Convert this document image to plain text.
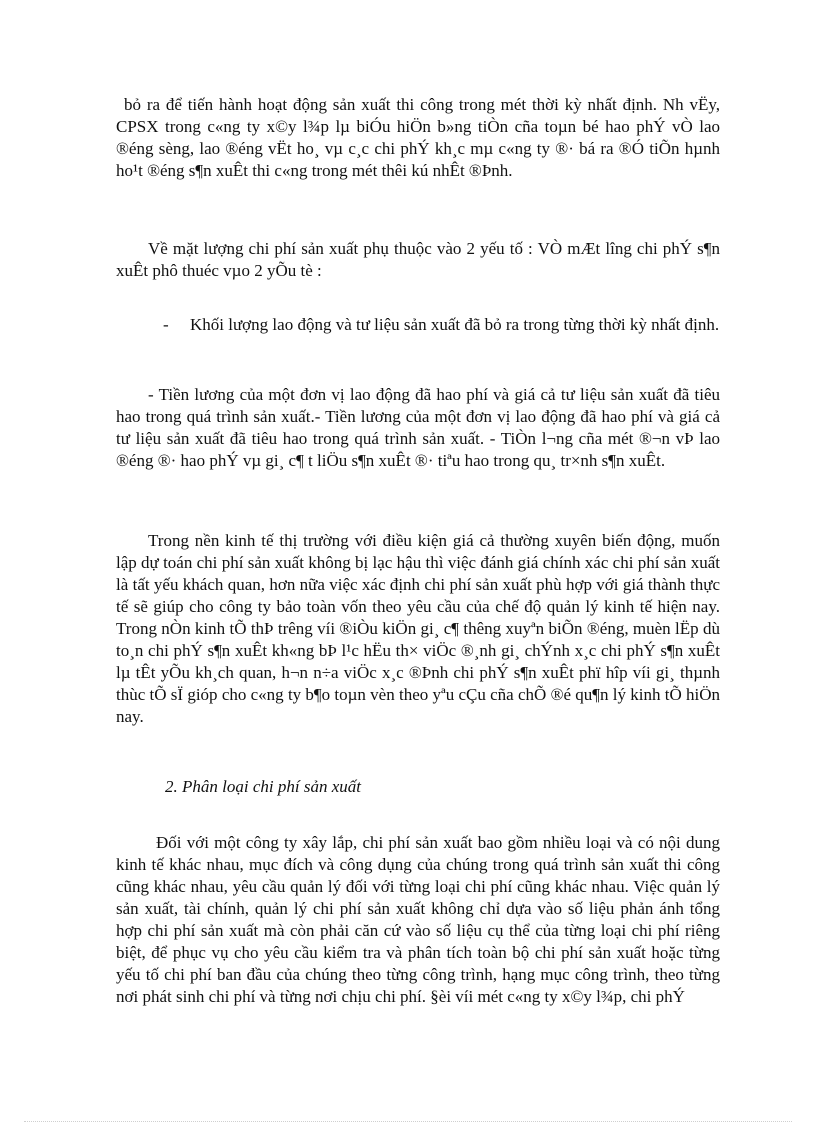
bỏ ra để tiến hành hoạt động sản xuất thi công trong mét thời kỳ nhất định. Nh vËy, CPSX trong c«ng ty x©y l¾p lµ biÓu hiÖn b»ng tiÒn cña toµn bé hao phÝ vÒ lao ®éng sèng, lao ®éng vËt ho¸ vµ c¸c chi phÝ kh¸c mµ c«ng ty ®· bá ra ®Ó tiÕn hµnh ho¹t ®éng s¶n xuÊt thi c«ng trong mét thêi kú nhÊt ®Þnh.
Về mặt lượng chi phí sản xuất phụ thuộc vào 2 yếu tố : VÒ mÆt lîng chi phÝ s¶n xuÊt phô thuéc vµo 2 yÕu tè :
-	Khối lượng lao động và tư liệu sản xuất đã bỏ ra trong từng thời kỳ nhất định.
- Tiền lương của một đơn vị lao động đã hao phí và giá cả tư liệu sản xuất đã tiêu hao trong quá trình sản xuất.- Tiền lương của một đơn vị lao động đã hao phí và giá cả tư liệu sản xuất đã tiêu hao trong quá trình sản xuất. - TiÒn l¬ng cña mét ®¬n vÞ lao ®éng ®· hao phÝ vµ gi¸ c¶ t liÖu s¶n xuÊt ®· tiªu hao trong qu¸ tr×nh s¶n xuÊt.
Trong nền kinh tế thị trường với điều kiện giá cả thường xuyên biến động, muốn lập dự toán chi phí sản xuất không bị lạc hậu thì việc đánh giá chính xác chi phí sản xuất là tất yếu khách quan, hơn nữa việc xác định chi phí sản xuất phù hợp với giá thành thực tế sẽ giúp cho công ty bảo toàn vốn theo yêu cầu của chế độ quản lý kinh tế hiện nay. Trong nÒn kinh tÕ thÞ trêng víi ®iÒu kiÖn gi¸ c¶ thêng xuyªn biÕn ®éng, muèn lËp dù to¸n chi phÝ s¶n xuÊt kh«ng bÞ l¹c hËu th× viÖc ®¸nh gi¸ chÝnh x¸c chi phÝ s¶n xuÊt lµ tÊt yÕu kh¸ch quan, h¬n n÷a viÖc x¸c ®Þnh chi phÝ s¶n xuÊt phï hîp víi gi¸ thµnh thùc tÕ sÏ gióp cho c«ng ty b¶o toµn vèn theo yªu cÇu cña chÕ ®é qu¶n lý kinh tÕ hiÖn nay.
2. Phân loại chi phí sản xuất
Đối với một công ty xây lắp, chi phí sản xuất bao gồm nhiều loại và có nội dung kinh tế khác nhau, mục đích và công dụng của chúng trong quá trình sản xuất thi công cũng khác nhau, yêu cầu quản lý đối với từng loại chi phí cũng khác nhau. Việc quản lý sản xuất, tài chính, quản lý chi phí sản xuất không chỉ dựa vào số liệu phản ánh tổng hợp chi phí sản xuất mà còn phải căn cứ vào số liệu cụ thể của từng loại chi phí riêng biệt, để phục vụ cho yêu cầu kiểm tra và phân tích toàn bộ chi phí sản xuất hoặc từng yếu tố chi phí ban đầu của chúng theo từng công trình, hạng mục công trình, theo từng nơi phát sinh chi phí và từng nơi chịu chi phí. §èi víi mét c«ng ty x©y l¾p, chi phÝ
